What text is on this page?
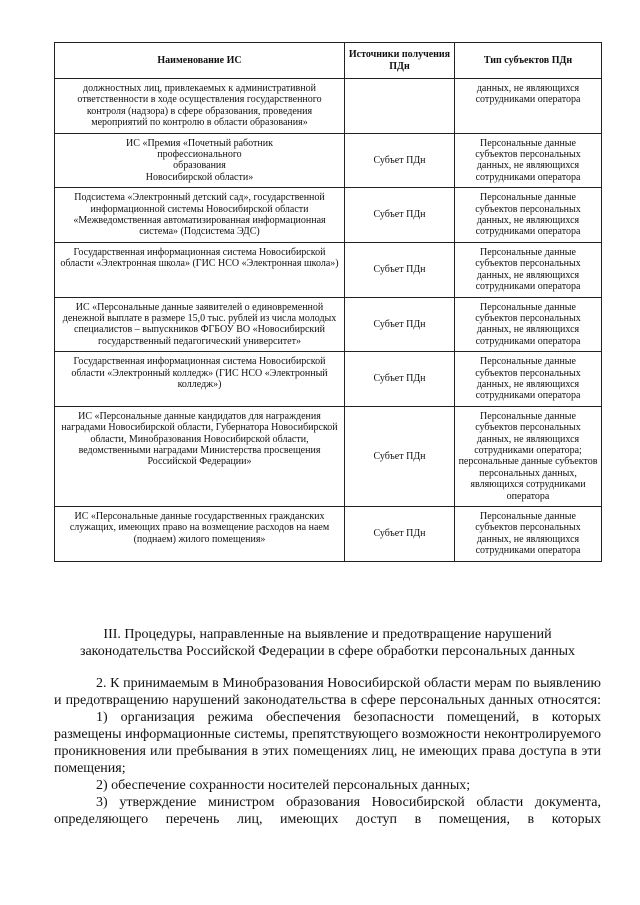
Наименование ИС	Источники получения ПДн	Тип субъектов ПДн
должностных лиц, привлекаемых к административной ответственности в ходе осуществления государственного контроля (надзора) в сфере образования, проведения мероприятий по контролю в области образования»		данных, не являющихся сотрудниками оператора
ИС «Премия «Почетный работник
профессионального
образования
Новосибирской области»	Субъет ПДн	Персональные данные субъектов персональных данных, не являющихся сотрудниками оператора
Подсистема «Электронный детский сад», государственной информационной системы Новосибирской области «Межведомственная автоматизированная информационная система» (Подсистема ЭДС)	Субъет ПДн	Персональные данные субъектов персональных данных, не являющихся сотрудниками оператора
Государственная информационная система Новосибирской области «Электронная школа» (ГИС НСО «Электронная школа»)	Субъет ПДн	Персональные данные субъектов персональных данных, не являющихся сотрудниками оператора
ИС «Персональные данные заявителей о единовременной денежной выплате в размере 15,0 тыс. рублей из числа молодых специалистов – выпускников ФГБОУ ВО «Новосибирский государственный педагогический университет»	Субъет ПДн	Персональные данные субъектов персональных данных, не являющихся сотрудниками оператора
Государственная информационная система Новосибирской области «Электронный колледж» (ГИС НСО «Электронный колледж»)	Субъет ПДн	Персональные данные субъектов персональных данных, не являющихся сотрудниками оператора
ИС «Персональные данные кандидатов для награждения наградами Новосибирской области, Губернатора Новосибирской области, Минобразования Новосибирской области, ведомственными наградами Министерства просвещения Российской Федерации»	Субъет ПДн	Персональные данные субъектов персональных данных, не являющихся сотрудниками оператора; персональные данные субъектов персональных данных, являющихся сотрудниками оператора
ИС «Персональные данные государственных гражданских служащих, имеющих право на возмещение расходов на наем (поднаем) жилого помещения»	Субъет ПДн	Персональные данные субъектов персональных данных, не являющихся сотрудниками оператора

III. Процедуры, направленные на выявление и предотвращение нарушений законодательства Российской Федерации в сфере обработки персональных данных

2. К принимаемым в Минобразования Новосибирской области мерам по выявлению и предотвращению нарушений законодательства в сфере персональных данных относятся:

1) организация режима обеспечения безопасности помещений, в которых размещены информационные системы, препятствующего возможности неконтролируемого проникновения или пребывания в этих помещениях лиц, не имеющих права доступа в эти помещения;

2) обеспечение сохранности носителей персональных данных;

3) утверждение министром образования Новосибирской области документа, определяющего перечень лиц, имеющих доступ в помещения, в которых
